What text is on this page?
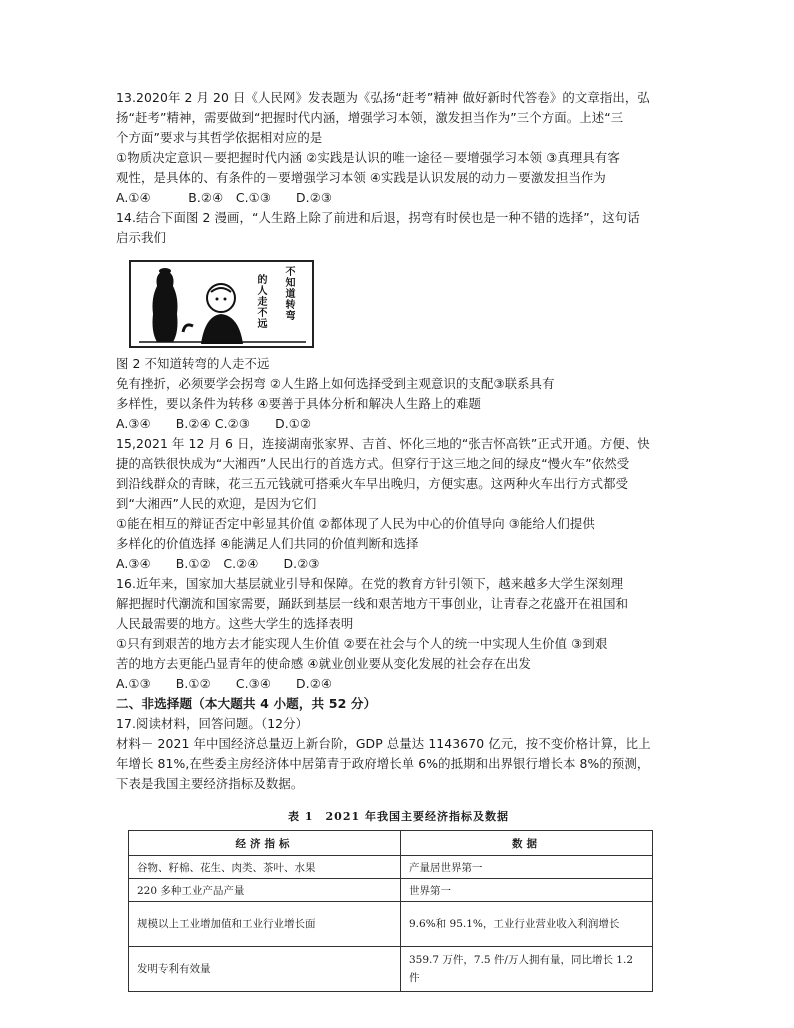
13.2020年 2 月 20 日《人民网》发表题为《弘扬“赶考”精神 做好新时代答卷》的文章指出，弘
扬“赶考”精神，需要做到“把握时代内涵，增强学习本领，激发担当作为”三个方面。上述“三
个方面”要求与其哲学依据相对应的是
①物质决定意识－要把握时代内涵 ②实践是认识的唯一途径－要增强学习本领 ③真理具有客
观性，是具体的、有条件的－要增强学习本领 ④实践是认识发展的动力－要激发担当作为
A.①④　　　B.②④　C.①③　　D.②③
14.结合下面图 2 漫画，“人生路上除了前进和后退，拐弯有时侯也是一种不错的选择”，这句话
启示我们
的人走不远 不知道转弯
图 2 不知道转弯的人走不远
免有挫折，必须要学会拐弯 ②人生路上如何选择受到主观意识的支配③联系具有
多样性，要以条件为转移 ④要善于具体分析和解决人生路上的难题
A.③④　　B.②④ C.②③　　D.①②
15,2021 年 12 月 6 日，连接湖南张家界、吉首、怀化三地的“张吉怀高铁”正式开通。方便、快
捷的高铁很快成为“大湘西”人民出行的首选方式。但穿行于这三地之间的绿皮“慢火车”依然受
到沿线群众的青睐，花三五元钱就可搭乘火车早出晚归，方便实惠。这两种火车出行方式都受
到“大湘西”人民的欢迎，是因为它们
①能在相互的辩证否定中彰显其价值 ②都体现了人民为中心的价值导向 ③能给人们提供
多样化的价值选择 ④能满足人们共同的价值判断和选择
A.③④　　B.①②　C.②④　　D.②③
16.近年来，国家加大基层就业引导和保障。在党的教育方针引领下，越来越多大学生深刻理
解把握时代潮流和国家需要，踊跃到基层一线和艰苦地方干事创业，让青春之花盛开在祖国和
人民最需要的地方。这些大学生的选择表明
①只有到艰苦的地方去才能实现人生价值 ②要在社会与个人的统一中实现人生价值 ③到艰
苦的地方去更能凸显青年的使命感 ④就业创业要从变化发展的社会存在出发
A.①③　　B.①②　　C.③④　　D.②④
二、非选择题（本大题共 4 小题，共 52 分）
17.阅读材料，回答问题。（12分）
材料－ 2021 年中国经济总量迈上新台阶，GDP 总量达 1143670 亿元，按不变价格计算，比上
年增长 81%,在些委主房经济体中居第青于政府增长单 6%的抵期和出界银行增长本 8%的预测，
下表是我国主要经济指标及数据。
表 1　2021 年我国主要经济指标及数据
经济指标	数据
谷物、籽棉、花生、肉类、茶叶、水果	产量居世界第一
220 多种工业产品产量	世界第一
规模以上工业增加值和工业行业增长面	9.6%和 95.1%，工业行业营业收入利润增长
发明专利有效量	359.7 万件，7.5 件/万人拥有量，同比增长 1.2 件
